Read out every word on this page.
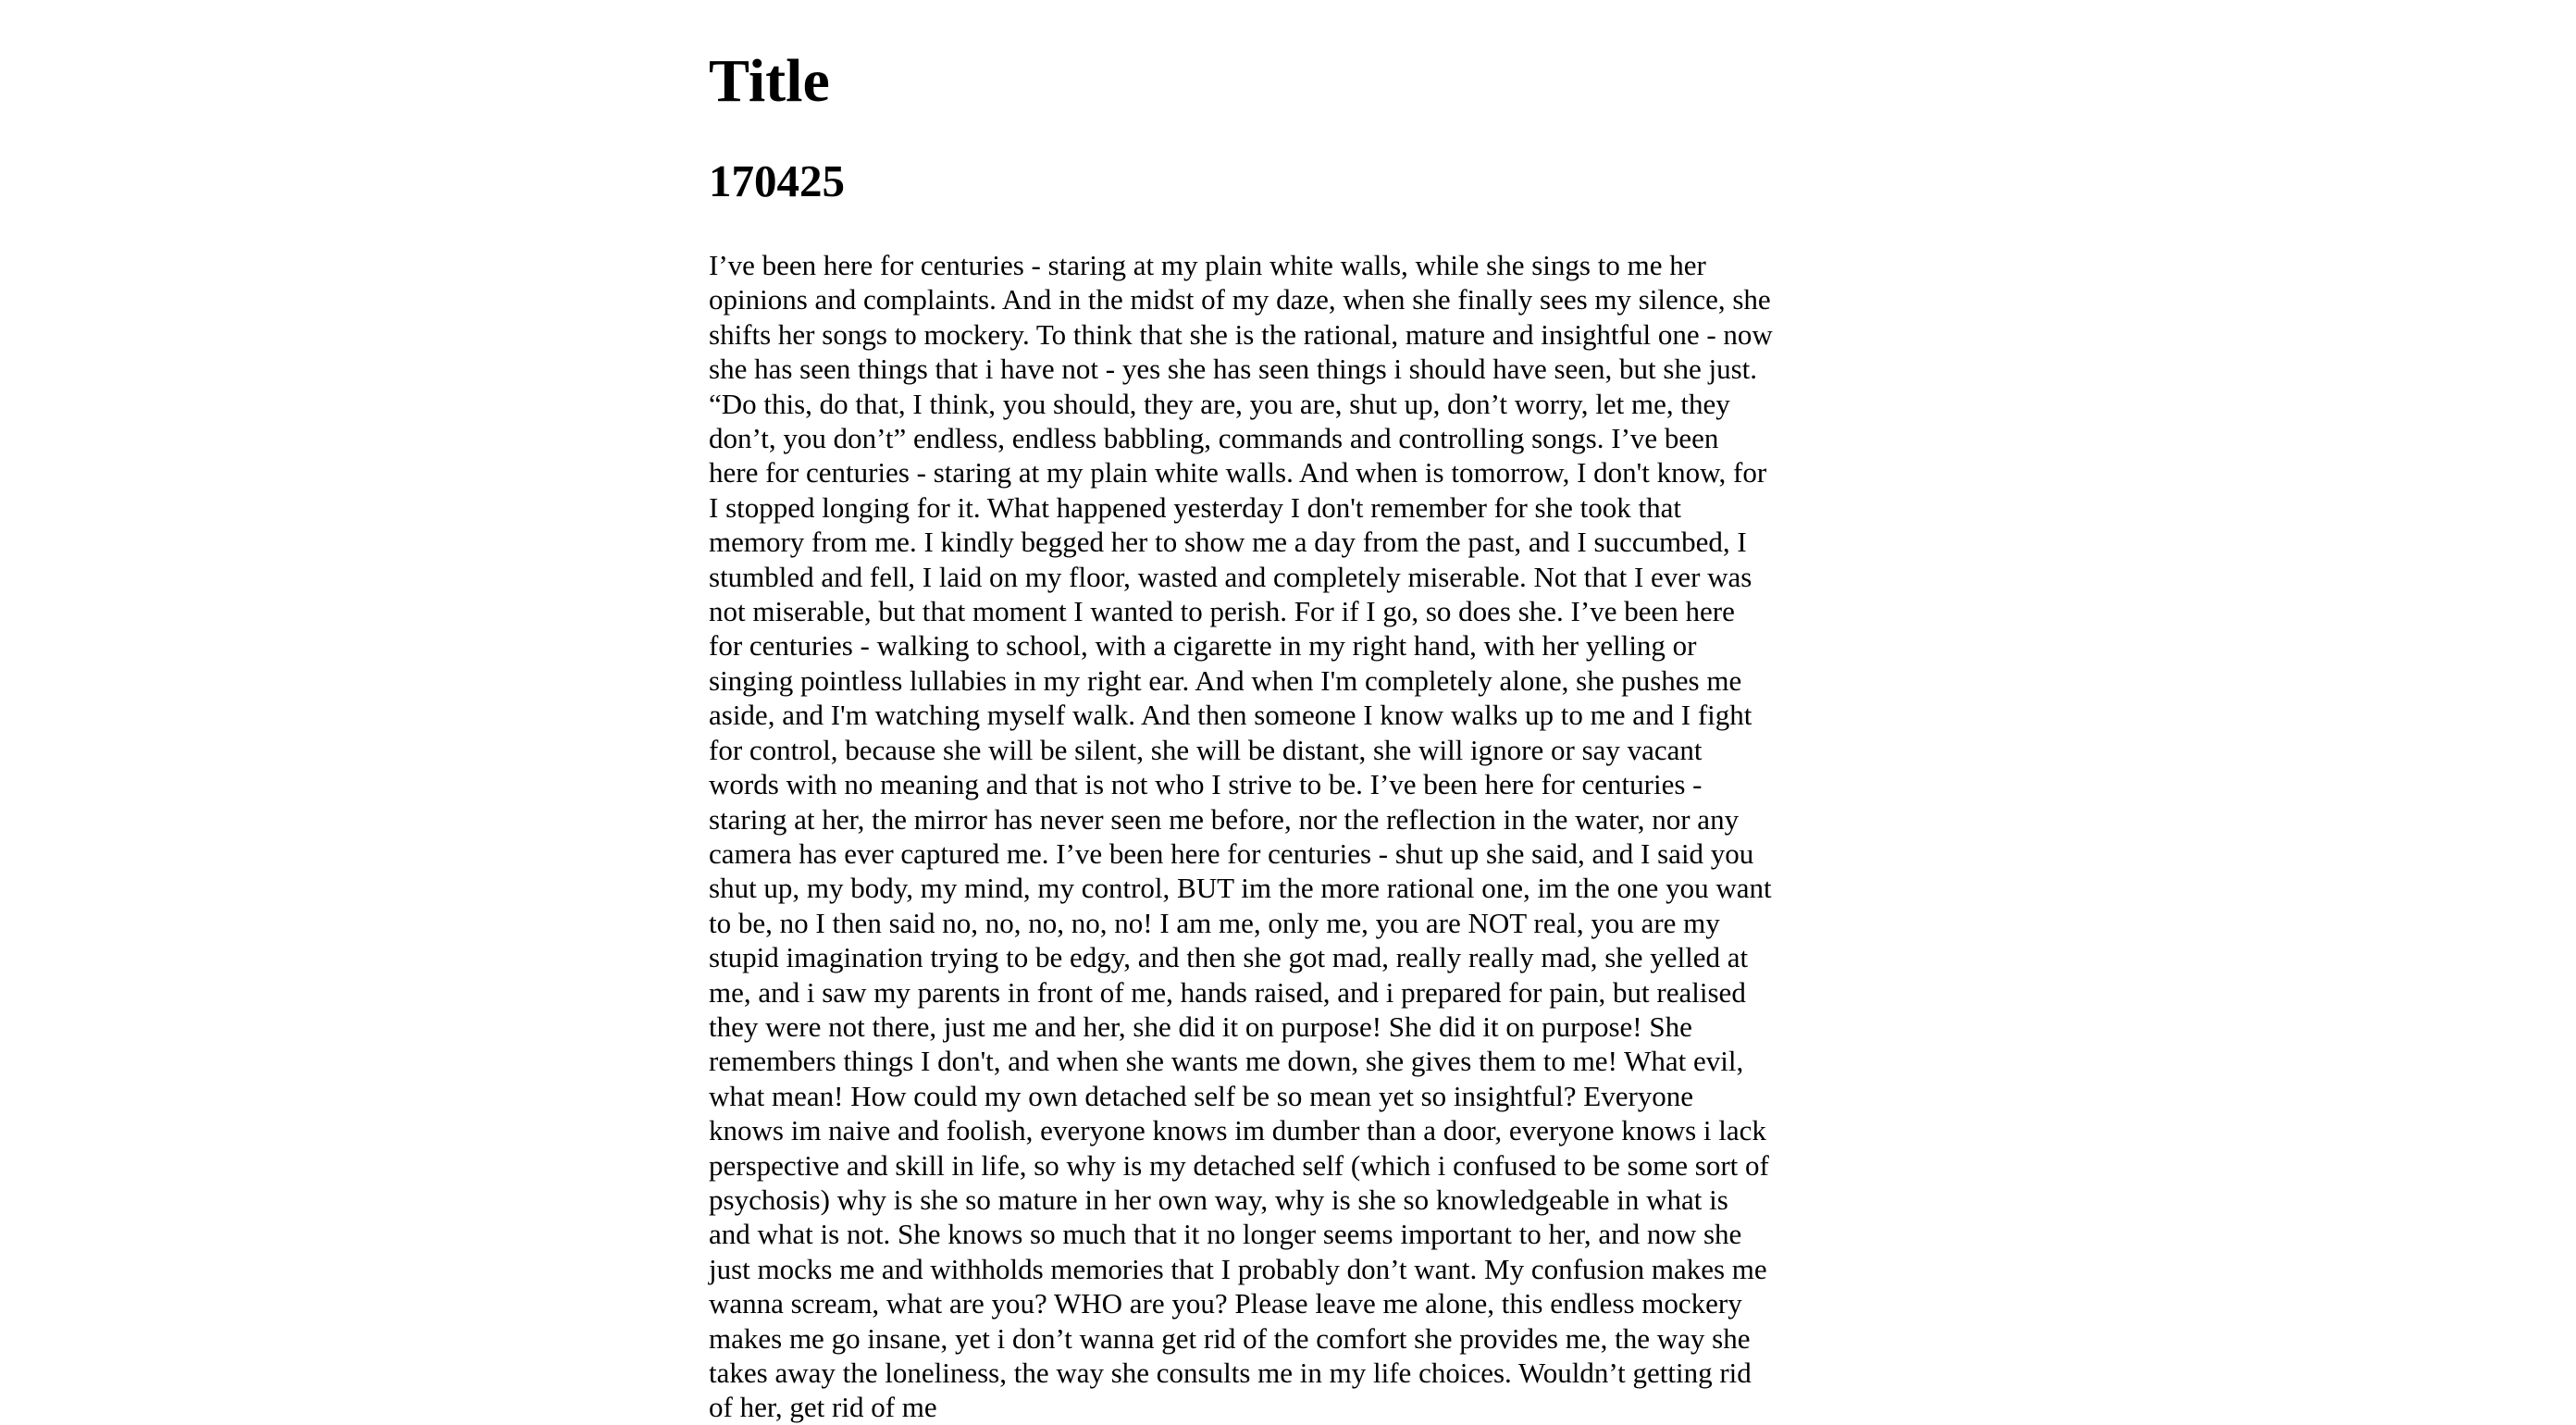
Title
170425
I’ve been here for centuries - staring at my plain white walls, while she sings to me her
opinions and complaints. And in the midst of my daze, when she finally sees my silence, she
shifts her songs to mockery. To think that she is the rational, mature and insightful one - now
she has seen things that i have not - yes she has seen things i should have seen, but she just.
“Do this, do that, I think, you should, they are, you are, shut up, don’t worry, let me, they
don’t, you don’t” endless, endless babbling, commands and controlling songs. I’ve been
here for centuries - staring at my plain white walls. And when is tomorrow, I don't know, for
I stopped longing for it. What happened yesterday I don't remember for she took that
memory from me. I kindly begged her to show me a day from the past, and I succumbed, I
stumbled and fell, I laid on my floor, wasted and completely miserable. Not that I ever was
not miserable, but that moment I wanted to perish. For if I go, so does she. I’ve been here
for centuries - walking to school, with a cigarette in my right hand, with her yelling or
singing pointless lullabies in my right ear. And when I'm completely alone, she pushes me
aside, and I'm watching myself walk. And then someone I know walks up to me and I fight
for control, because she will be silent, she will be distant, she will ignore or say vacant
words with no meaning and that is not who I strive to be. I’ve been here for centuries -
staring at her, the mirror has never seen me before, nor the reflection in the water, nor any
camera has ever captured me. I’ve been here for centuries - shut up she said, and I said you
shut up, my body, my mind, my control, BUT im the more rational one, im the one you want
to be, no I then said no, no, no, no, no! I am me, only me, you are NOT real, you are my
stupid imagination trying to be edgy, and then she got mad, really really mad, she yelled at
me, and i saw my parents in front of me, hands raised, and i prepared for pain, but realised
they were not there, just me and her, she did it on purpose! She did it on purpose! She
remembers things I don't, and when she wants me down, she gives them to me! What evil,
what mean! How could my own detached self be so mean yet so insightful? Everyone
knows im naive and foolish, everyone knows im dumber than a door, everyone knows i lack
perspective and skill in life, so why is my detached self (which i confused to be some sort of
psychosis) why is she so mature in her own way, why is she so knowledgeable in what is
and what is not. She knows so much that it no longer seems important to her, and now she
just mocks me and withholds memories that I probably don’t want. My confusion makes me
wanna scream, what are you? WHO are you? Please leave me alone, this endless mockery
makes me go insane, yet i don’t wanna get rid of the comfort she provides me, the way she
takes away the loneliness, the way she consults me in my life choices. Wouldn’t getting rid
of her, get rid of me
